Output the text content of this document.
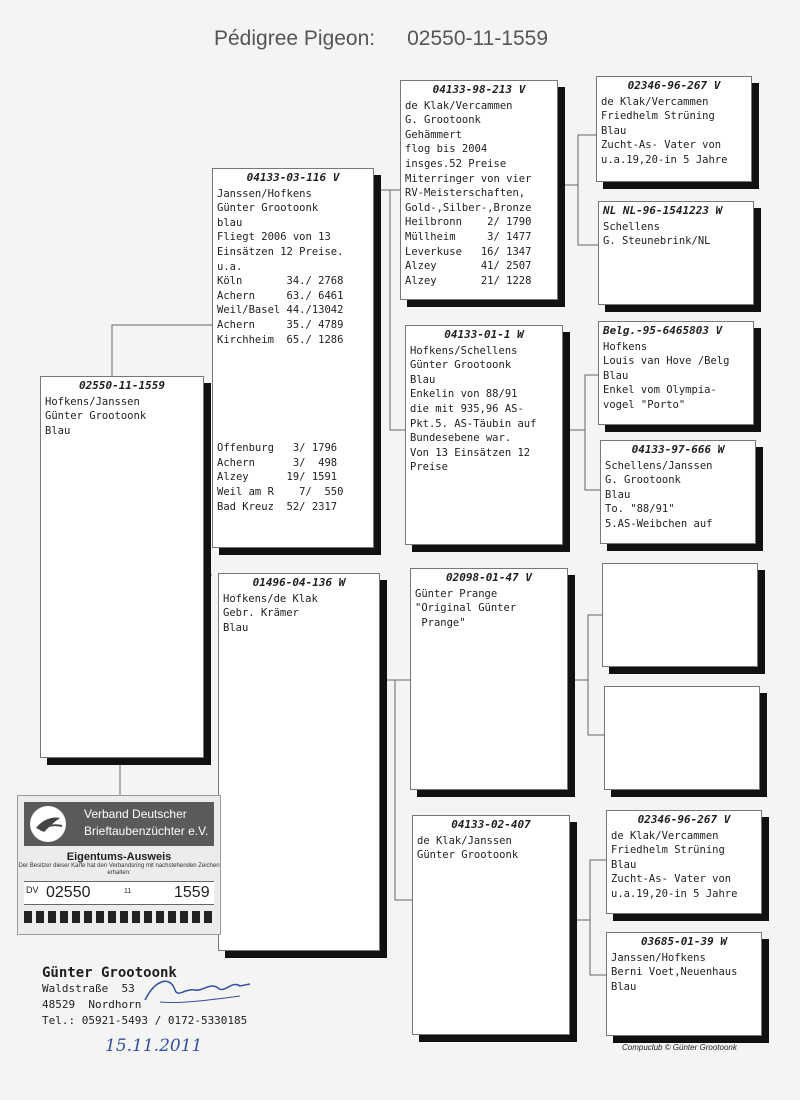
Pédigree Pigeon: 02550-11-1559
02550-11-1559
Hofkens/Janssen
Günter Grootoonk
Blau
04133-03-116 V
Janssen/Hofkens
Günter Grootoonk
blau
Fliegt 2006 von 13
Einsätzen 12 Preise.
u.a.
Köln       34./ 2768
Achern     63./ 6461
Weil/Basel 44./13042
Achern     35./ 4789
Kirchheim  65./ 1286
Offenburg   3/ 1796
Achern      3/  498
Alzey      19/ 1591
Weil am R    7/  550
Bad Kreuz  52/ 2317
01496-04-136 W
Hofkens/de Klak
Gebr. Krämer
Blau
04133-98-213 V
de Klak/Vercammen
G. Grootoonk
Gehämmert
flog bis 2004
insges.52 Preise
Miterringer von vier
RV-Meisterschaften,
Gold-,Silber-,Bronze
Heilbronn    2/ 1790
Müllheim     3/ 1477
Leverkuse   16/ 1347
Alzey       41/ 2507
Alzey       21/ 1228
04133-01-1 W
Hofkens/Schellens
Günter Grootoonk
Blau
Enkelin von 88/91
die mit 935,96 AS-
Pkt.5. AS-Täubin auf
Bundesebene war.
Von 13 Einsätzen 12
Preise
02098-01-47 V
Günter Prange
"Original Günter
Prange"
04133-02-407
de Klak/Janssen
Günter Grootoonk
02346-96-267 V
de Klak/Vercammen
Friedhelm Strüning
Blau
Zucht-As- Vater von
u.a.19,20-in 5 Jahre
NL NL-96-1541223 W
Schellens
G. Steunebrink/NL
Belg.-95-6465803 V
Hofkens
Louis van Hove /Belg
Blau
Enkel vom Olympia-
vogel "Porto"
04133-97-666 W
Schellens/Janssen
G. Grootoonk
Blau
To. "88/91"
5.AS-Weibchen auf
02346-96-267 V
de Klak/Vercammen
Friedhelm Strüning
Blau
Zucht-As- Vater von
u.a.19,20-in 5 Jahre
03685-01-39 W
Janssen/Hofkens
Berni Voet,Neuenhaus
Blau
Verband Deutscher
Brieftaubenzüchter e.V.
Eigentums-Ausweis
Der Besitzer dieser Karte hat den Verbandsring mit nachstehenden Zeichen erhalten:
DV 02550	11	1559
Günter Grootoonk
Waldstraße  53
48529  Nordhorn
Tel.: 05921-5493 / 0172-5330185
15.11.2011	Compuclub © Günter Grootoonk
